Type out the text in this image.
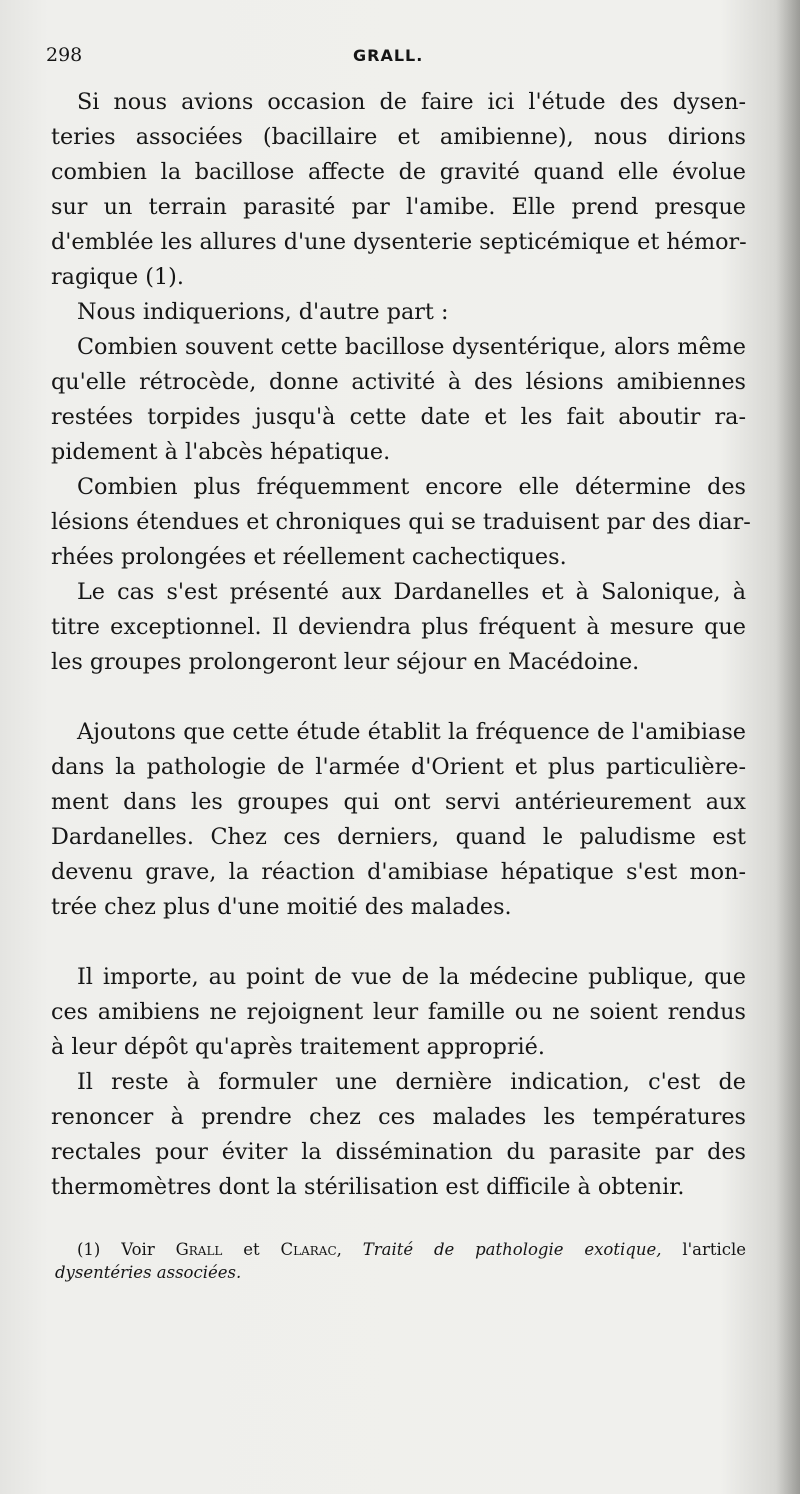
298	GRALL.
Si nous avions occasion de faire ici l'étude des dysen-
teries associées (bacillaire et amibienne), nous dirions
combien la bacillose affecte de gravité quand elle évolue
sur un terrain parasité par l'amibe. Elle prend presque
d'emblée les allures d'une dysenterie septicémique et hémor-
ragique (1).
Nous indiquerions, d'autre part :
Combien souvent cette bacillose dysentérique, alors même
qu'elle rétrocède, donne activité à des lésions amibiennes
restées torpides jusqu'à cette date et les fait aboutir ra-
pidement à l'abcès hépatique.
Combien plus fréquemment encore elle détermine des
lésions étendues et chroniques qui se traduisent par des diar-
rhées prolongées et réellement cachectiques.
Le cas s'est présenté aux Dardanelles et à Salonique, à
titre exceptionnel. Il deviendra plus fréquent à mesure que
les groupes prolongeront leur séjour en Macédoine.
Ajoutons que cette étude établit la fréquence de l'amibiase
dans la pathologie de l'armée d'Orient et plus particulière-
ment dans les groupes qui ont servi antérieurement aux
Dardanelles. Chez ces derniers, quand le paludisme est
devenu grave, la réaction d'amibiase hépatique s'est mon-
trée chez plus d'une moitié des malades.
Il importe, au point de vue de la médecine publique, que
ces amibiens ne rejoignent leur famille ou ne soient rendus
à leur dépôt qu'après traitement approprié.
Il reste à formuler une dernière indication, c'est de
renoncer à prendre chez ces malades les températures
rectales pour éviter la dissémination du parasite par des
thermomètres dont la stérilisation est difficile à obtenir.
(1) Voir Grall et Clarac, Traité de pathologie exotique, l'article
dysentéries associées.
